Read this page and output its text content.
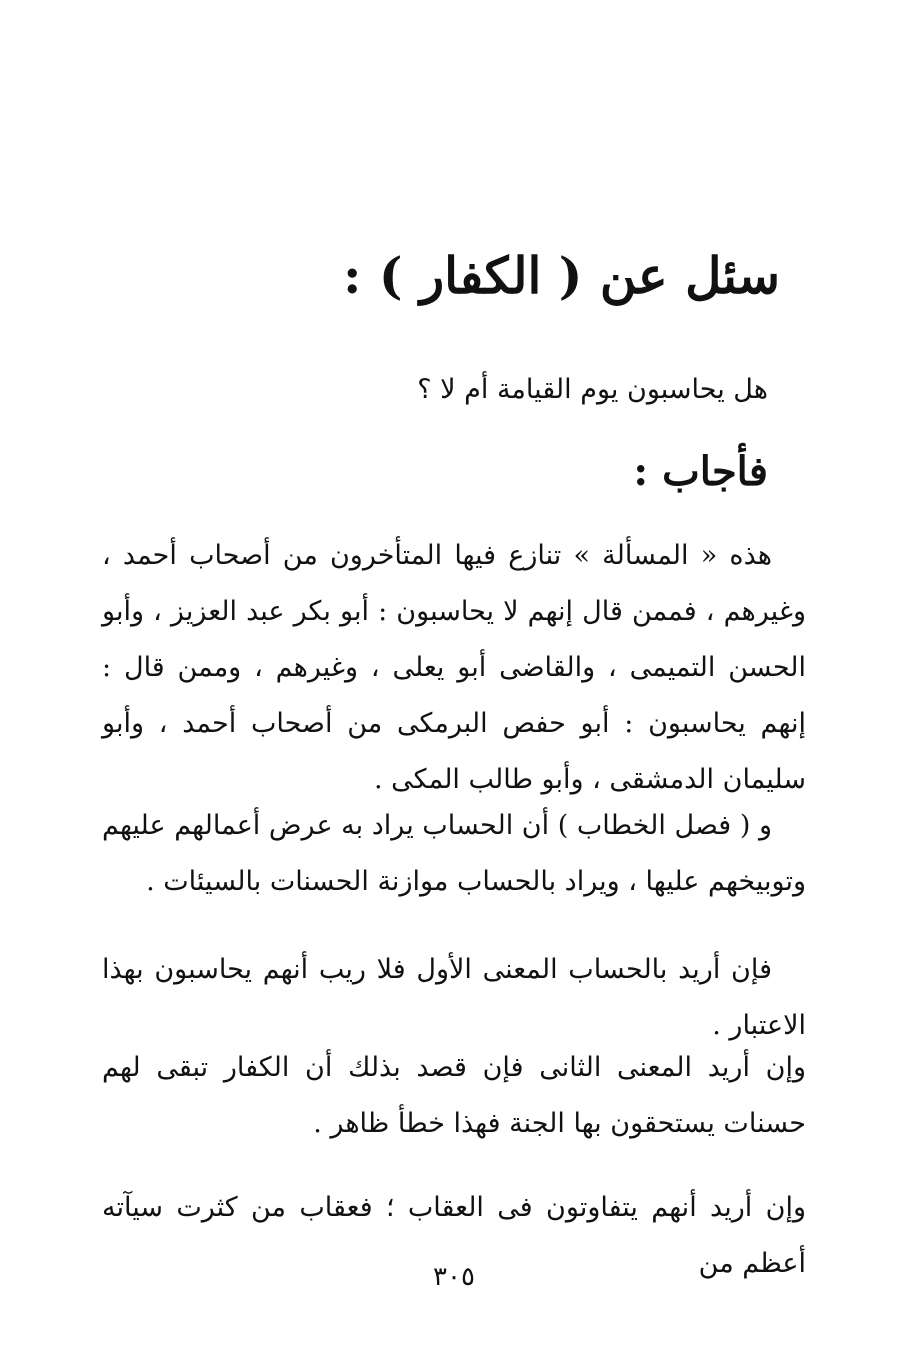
سئل عن ( الكفار ) :
هل يحاسبون يوم القيامة أم لا ؟
فأجاب :
هذه « المسألة » تنازع فيها المتأخرون من أصحاب أحمد ، وغيرهم ، فممن قال إنهم لا يحاسبون : أبو بكر عبد العزيز ، وأبو الحسن التميمى ، والقاضى أبو يعلى ، وغيرهم ، وممن قال : إنهم يحاسبون : أبو حفص البرمكى من أصحاب أحمد ، وأبو سليمان الدمشقى ، وأبو طالب المكى .
و ( فصل الخطاب ) أن الحساب يراد به عرض أعمالهم عليهم وتوبيخهم عليها ، ويراد بالحساب موازنة الحسنات بالسيئات .
فإن أريد بالحساب المعنى الأول فلا ريب أنهم يحاسبون بهذا الاعتبار .
وإن أريد المعنى الثانى فإن قصد بذلك أن الكفار تبقى لهم حسنات يستحقون بها الجنة فهذا خطأ ظاهر .
وإن أريد أنهم يتفاوتون فى العقاب ؛ فعقاب من كثرت سيآته أعظم من
٣٠٥
